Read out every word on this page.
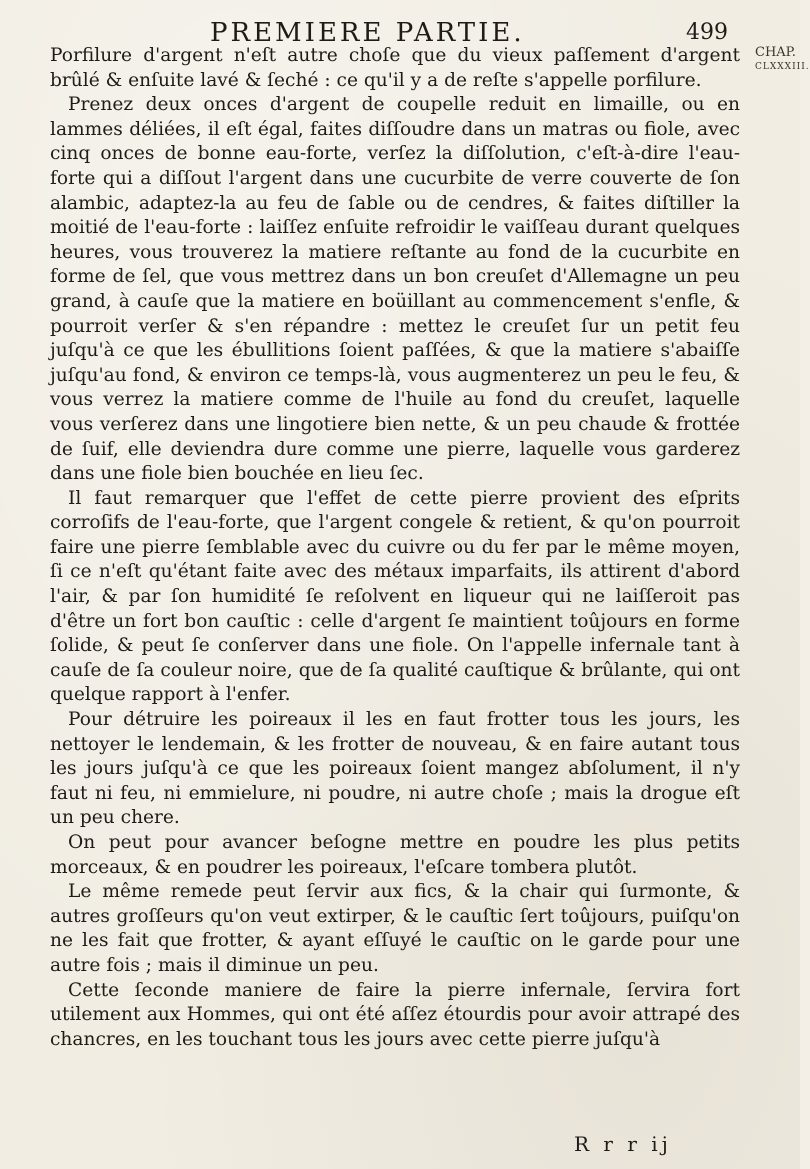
PREMIERE PARTIE.	499
CHAP.
CLXXXIII.

Porfilure d'argent n'eſt autre choſe que du vieux paſſement d'argent brûlé & enſuite lavé & ſeché : ce qu'il y a de reſte s'appelle porfilure.

Prenez deux onces d'argent de coupelle reduit en limaille, ou en lammes déliées, il eſt égal, faites diſſoudre dans un matras ou fiole, avec cinq onces de bonne eau-forte, verſez la diſſolution, c'eſt-à-dire l'eau-forte qui a diſſout l'argent dans une cucurbite de verre couverte de ſon alambic, adaptez-la au feu de ſable ou de cendres, & faites diſtiller la moitié de l'eau-forte : laiſſez enſuite refroidir le vaiſſeau durant quelques heures, vous trouverez la matiere reſtante au fond de la cucurbite en forme de ſel, que vous mettrez dans un bon creuſet d'Allemagne un peu grand, à cauſe que la matiere en boüillant au commencement s'enfle, & pourroit verſer & s'en répandre : mettez le creuſet ſur un petit feu juſqu'à ce que les ébullitions ſoient paſſées, & que la matiere s'abaiſſe juſqu'au fond, & environ ce temps-là, vous augmenterez un peu le feu, & vous verrez la matiere comme de l'huile au fond du creuſet, laquelle vous verſerez dans une lingotiere bien nette, & un peu chaude & frottée de ſuif, elle deviendra dure comme une pierre, laquelle vous garderez dans une fiole bien bouchée en lieu ſec.

Il faut remarquer que l'effet de cette pierre provient des eſprits corroſifs de l'eau-forte, que l'argent congele & retient, & qu'on pourroit faire une pierre ſemblable avec du cuivre ou du fer par le même moyen, ſi ce n'eſt qu'étant faite avec des métaux imparfaits, ils attirent d'abord l'air, & par ſon humidité ſe reſolvent en liqueur qui ne laiſſeroit pas d'être un fort bon cauſtic : celle d'argent ſe maintient toûjours en forme ſolide, & peut ſe conſerver dans une fiole. On l'appelle infernale tant à cauſe de ſa couleur noire, que de ſa qualité cauſtique & brûlante, qui ont quelque rapport à l'enfer.

Pour détruire les poireaux il les en faut frotter tous les jours, les nettoyer le lendemain, & les frotter de nouveau, & en faire autant tous les jours juſqu'à ce que les poireaux ſoient mangez abſolument, il n'y faut ni feu, ni emmielure, ni poudre, ni autre choſe ; mais la drogue eſt un peu chere.

On peut pour avancer beſogne mettre en poudre les plus petits morceaux, & en poudrer les poireaux, l'eſcare tombera plutôt.

Le même remede peut ſervir aux fics, & la chair qui ſurmonte, & autres groſſeurs qu'on veut extirper, & le cauſtic ſert toûjours, puiſqu'on ne les fait que frotter, & ayant eſſuyé le cauſtic on le garde pour une autre fois ; mais il diminue un peu.

Cette ſeconde maniere de faire la pierre infernale, ſervira fort utilement aux Hommes, qui ont été aſſez étourdis pour avoir attrapé des chancres, en les touchant tous les jours avec cette pierre juſqu'à

R r r ij
